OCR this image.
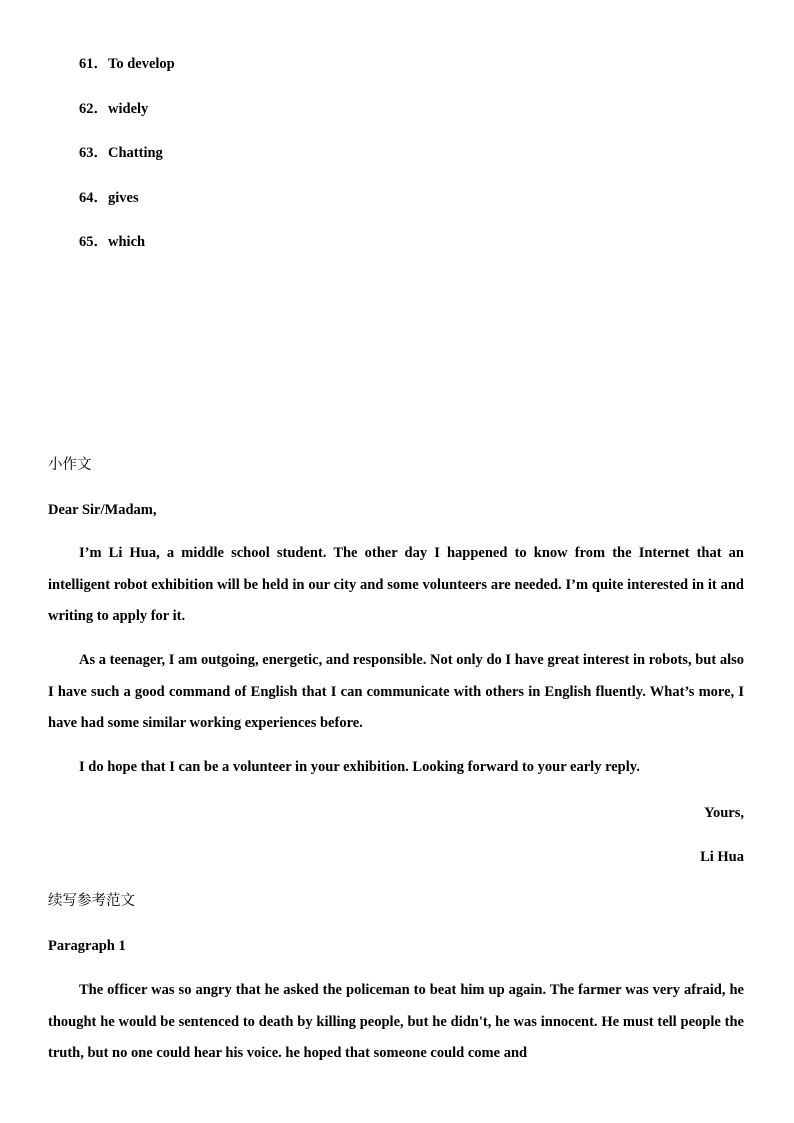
61．To develop
62．widely
63．Chatting
64．gives
65．which
小作文
Dear Sir/Madam,
I’m Li Hua, a middle school student. The other day I happened to know from the Internet that an intelligent robot exhibition will be held in our city and some volunteers are needed. I’m quite interested in it and writing to apply for it.
As a teenager, I am outgoing, energetic, and responsible. Not only do I have great interest in robots, but also I have such a good command of English that I can communicate with others in English fluently. What’s more, I have had some similar working experiences before.
I do hope that I can be a volunteer in your exhibition. Looking forward to your early reply.
Yours,
Li Hua
续写参考范文
Paragraph 1
The officer was so angry that he asked the policeman to beat him up again. The farmer was very afraid, he thought he would be sentenced to death by killing people, but he didn't, he was innocent. He must tell people the truth, but no one could hear his voice. he hoped that someone could come and
